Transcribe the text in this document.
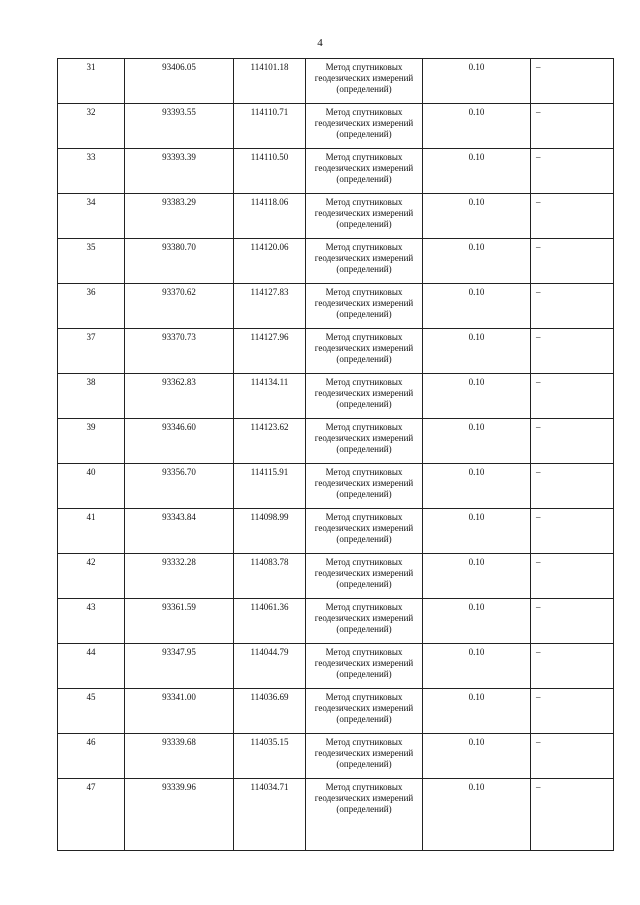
4
31	93406.05	114101.18	Метод спутниковых геодезических измерений (определений)	0.10	–
32	93393.55	114110.71	Метод спутниковых геодезических измерений (определений)	0.10	–
33	93393.39	114110.50	Метод спутниковых геодезических измерений (определений)	0.10	–
34	93383.29	114118.06	Метод спутниковых геодезических измерений (определений)	0.10	–
35	93380.70	114120.06	Метод спутниковых геодезических измерений (определений)	0.10	–
36	93370.62	114127.83	Метод спутниковых геодезических измерений (определений)	0.10	–
37	93370.73	114127.96	Метод спутниковых геодезических измерений (определений)	0.10	–
38	93362.83	114134.11	Метод спутниковых геодезических измерений (определений)	0.10	–
39	93346.60	114123.62	Метод спутниковых геодезических измерений (определений)	0.10	–
40	93356.70	114115.91	Метод спутниковых геодезических измерений (определений)	0.10	–
41	93343.84	114098.99	Метод спутниковых геодезических измерений (определений)	0.10	–
42	93332.28	114083.78	Метод спутниковых геодезических измерений (определений)	0.10	–
43	93361.59	114061.36	Метод спутниковых геодезических измерений (определений)	0.10	–
44	93347.95	114044.79	Метод спутниковых геодезических измерений (определений)	0.10	–
45	93341.00	114036.69	Метод спутниковых геодезических измерений (определений)	0.10	–
46	93339.68	114035.15	Метод спутниковых геодезических измерений (определений)	0.10	–
47	93339.96	114034.71	Метод спутниковых геодезических измерений (определений)	0.10	–
